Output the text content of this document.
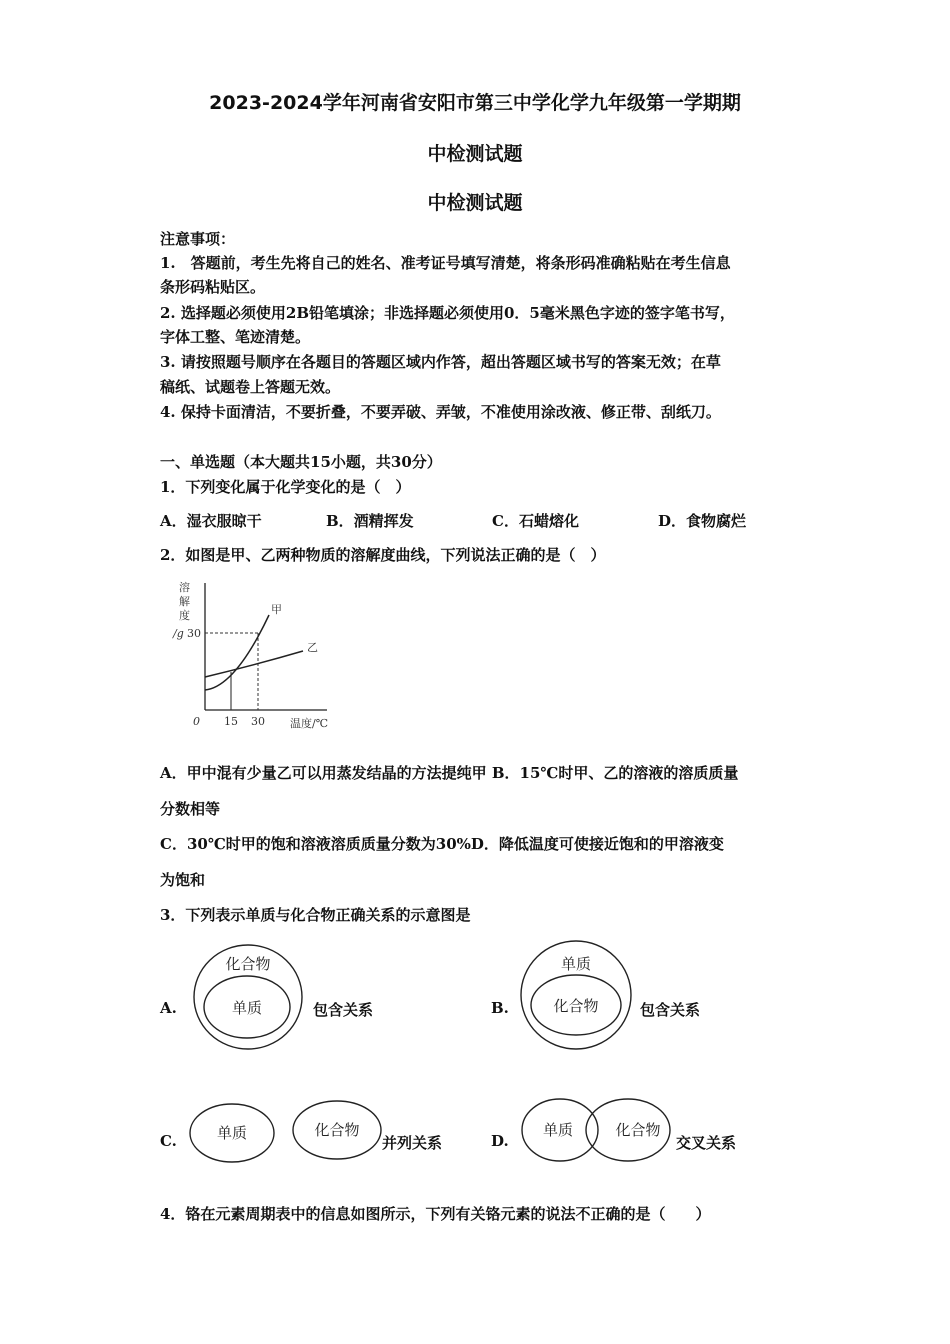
2023-2024学年河南省安阳市第三中学化学九年级第一学期期
中检测试题
中检测试题
注意事项：
1.　答题前，考生先将自己的姓名、准考证号填写清楚，将条形码准确粘贴在考生信息
条形码粘贴区。
2. 选择题必须使用2B铅笔填涂；非选择题必须使用0．5毫米黑色字迹的签字笔书写，
字体工整、笔迹清楚。
3. 请按照题号顺序在各题目的答题区域内作答，超出答题区域书写的答案无效；在草
稿纸、试题卷上答题无效。
4. 保持卡面清洁，不要折叠，不要弄破、弄皱，不准使用涂改液、修正带、刮纸刀。
一、单选题（本大题共15小题，共30分）
1．下列变化属于化学变化的是（　）
A．湿衣服晾干	B．酒精挥发	C．石蜡熔化	D．食物腐烂
2．如图是甲、乙两种物质的溶解度曲线，下列说法正确的是（　）
溶
解
度
/g 30
甲
乙
0 15 30 温度/℃
A．甲中混有少量乙可以用蒸发结晶的方法提纯甲 B．15℃时甲、乙的溶液的溶质质量
分数相等
C．30℃时甲的饱和溶液溶质质量分数为30%D．降低温度可使接近饱和的甲溶液变
为饱和
3．下列表示单质与化合物正确关系的示意图是
A.
化合物
单质	包含关系	B.
单质
化合物	包含关系
C.	单质	化合物
并列关系	D.
单质	化合物
交叉关系
4．铬在元素周期表中的信息如图所示，下列有关铬元素的说法不正确的是（　　）
